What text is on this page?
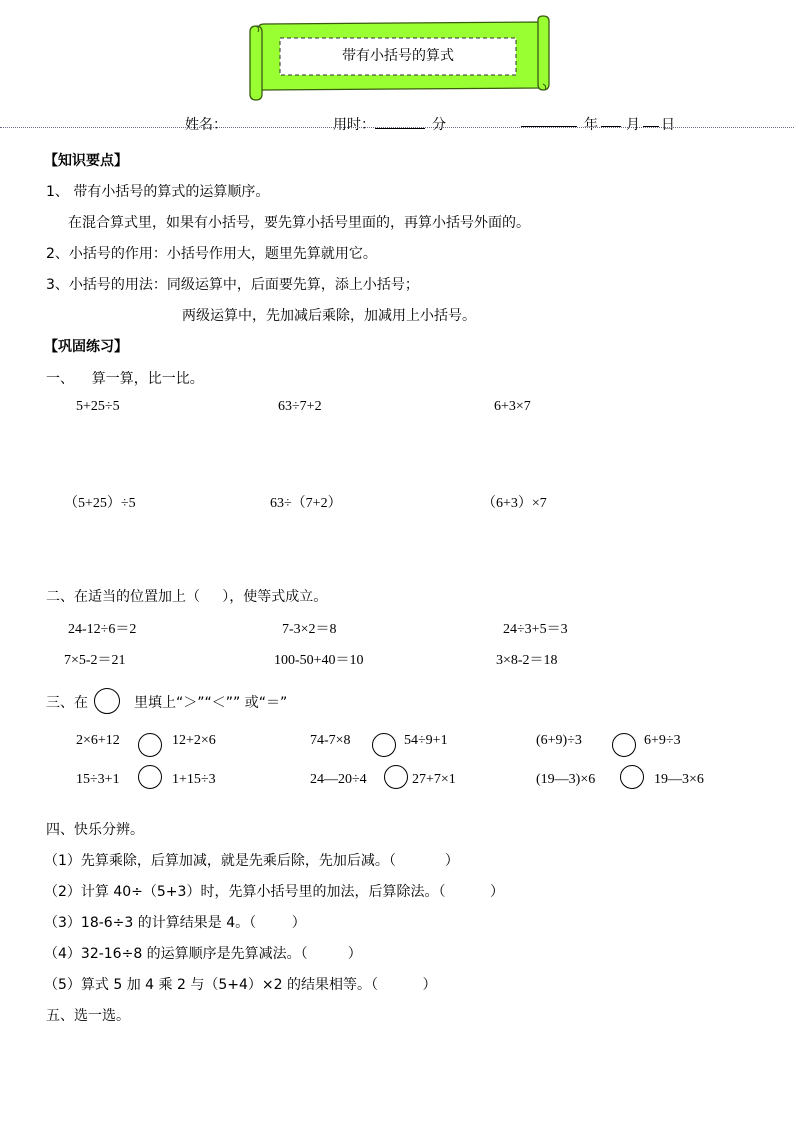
带有小括号的算式
姓名：	用时：	分	年 月 日
【知识要点】
1、 带有小括号的算式的运算顺序。
在混合算式里，如果有小括号，要先算小括号里面的，再算小括号外面的。
2、小括号的作用：小括号作用大，题里先算就用它。
3、小括号的用法：同级运算中，后面要先算，添上小括号；
两级运算中，先加减后乘除，加减用上小括号。
【巩固练习】
一、    算一算，比一比。
5+25÷5	63÷7+2	6+3×7
（5+25）÷5	63÷（7+2）	（6+3）×7
二、在适当的位置加上（     ），使等式成立。
24-12÷6＝2	7-3×2＝8	24÷3+5＝3
7×5-2＝21	100-50+40＝10	3×8-2＝18
三、在	里填上“＞”“＜”” 或“＝”
2×6+12	12+2×6	74-7×8	54÷9+1	(6+9)÷3	6+9÷3
15÷3+1	1+15÷3	24—20÷4	27+7×1	(19—3)×6	19—3×6
四、快乐分辨。
（1）先算乘除，后算加减，就是先乘后除，先加后减。（           ）
（2）计算 40÷（5+3）时，先算小括号里的加法，后算除法。（          ）
（3）18-6÷3 的计算结果是 4。（        ）
（4）32-16÷8 的运算顺序是先算减法。（         ）
（5）算式 5 加 4 乘 2 与（5+4）×2 的结果相等。（          ）
五、选一选。
